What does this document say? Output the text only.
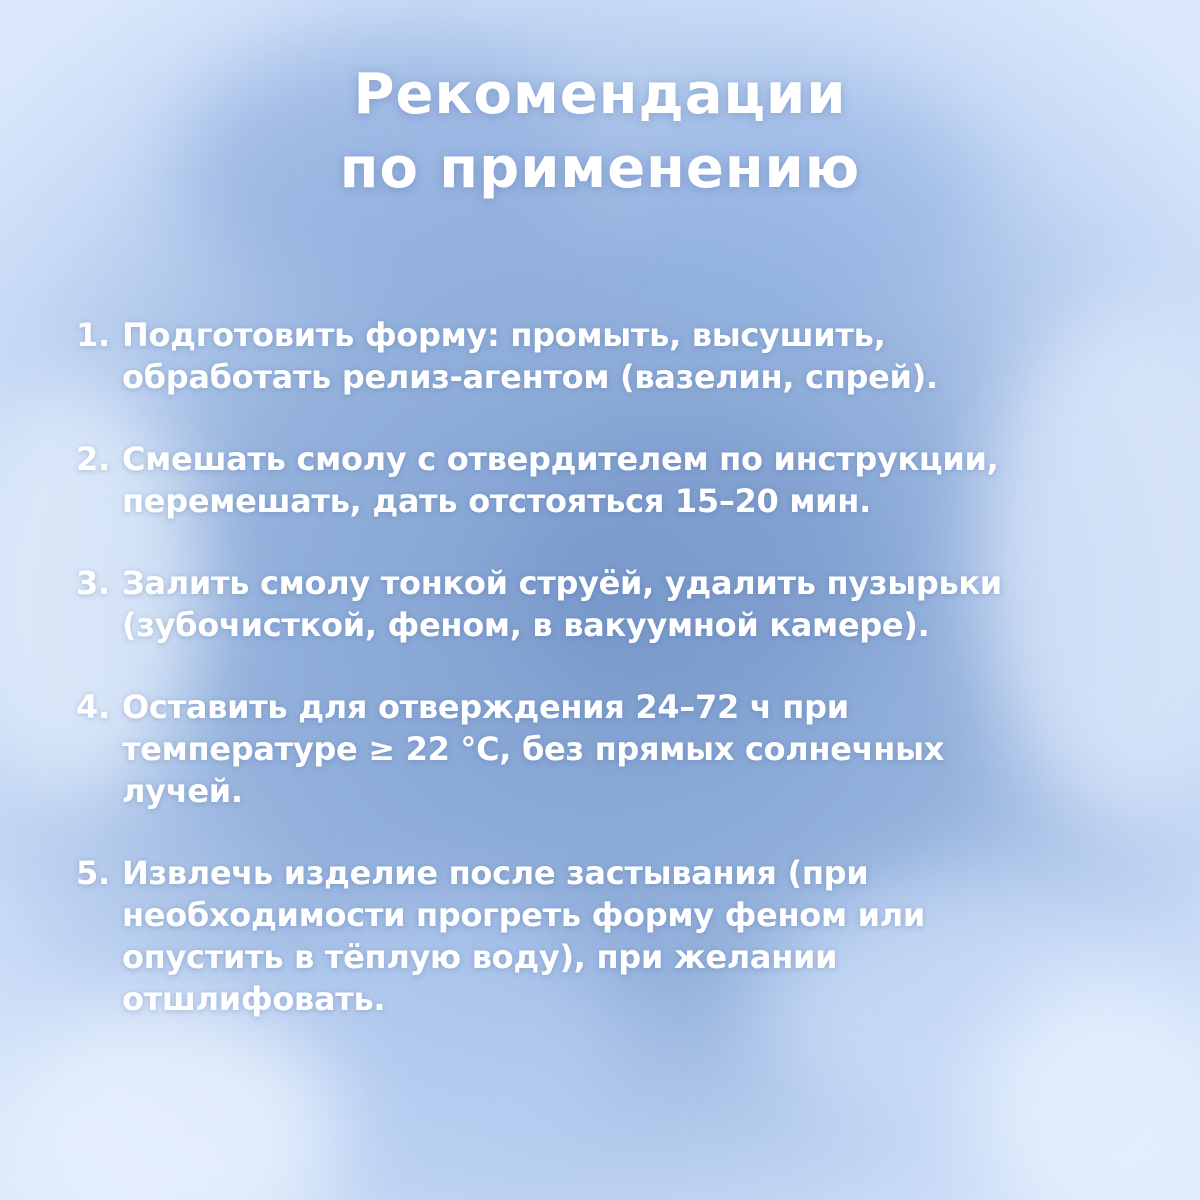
Рекомендации
по применению
1. Подготовить форму: промыть, высушить,
обработать релиз-агентом (вазелин, спрей).
2. Смешать смолу с отвердителем по инструкции,
перемешать, дать отстояться 15–20 мин.
3. Залить смолу тонкой струёй, удалить пузырьки
(зубочисткой, феном, в вакуумной камере).
4. Оставить для отверждения 24–72 ч при
температуре ≥ 22 °С, без прямых солнечных
лучей.
5. Извлечь изделие после застывания (при
необходимости прогреть форму феном или
опустить в тёплую воду), при желании
отшлифовать.
